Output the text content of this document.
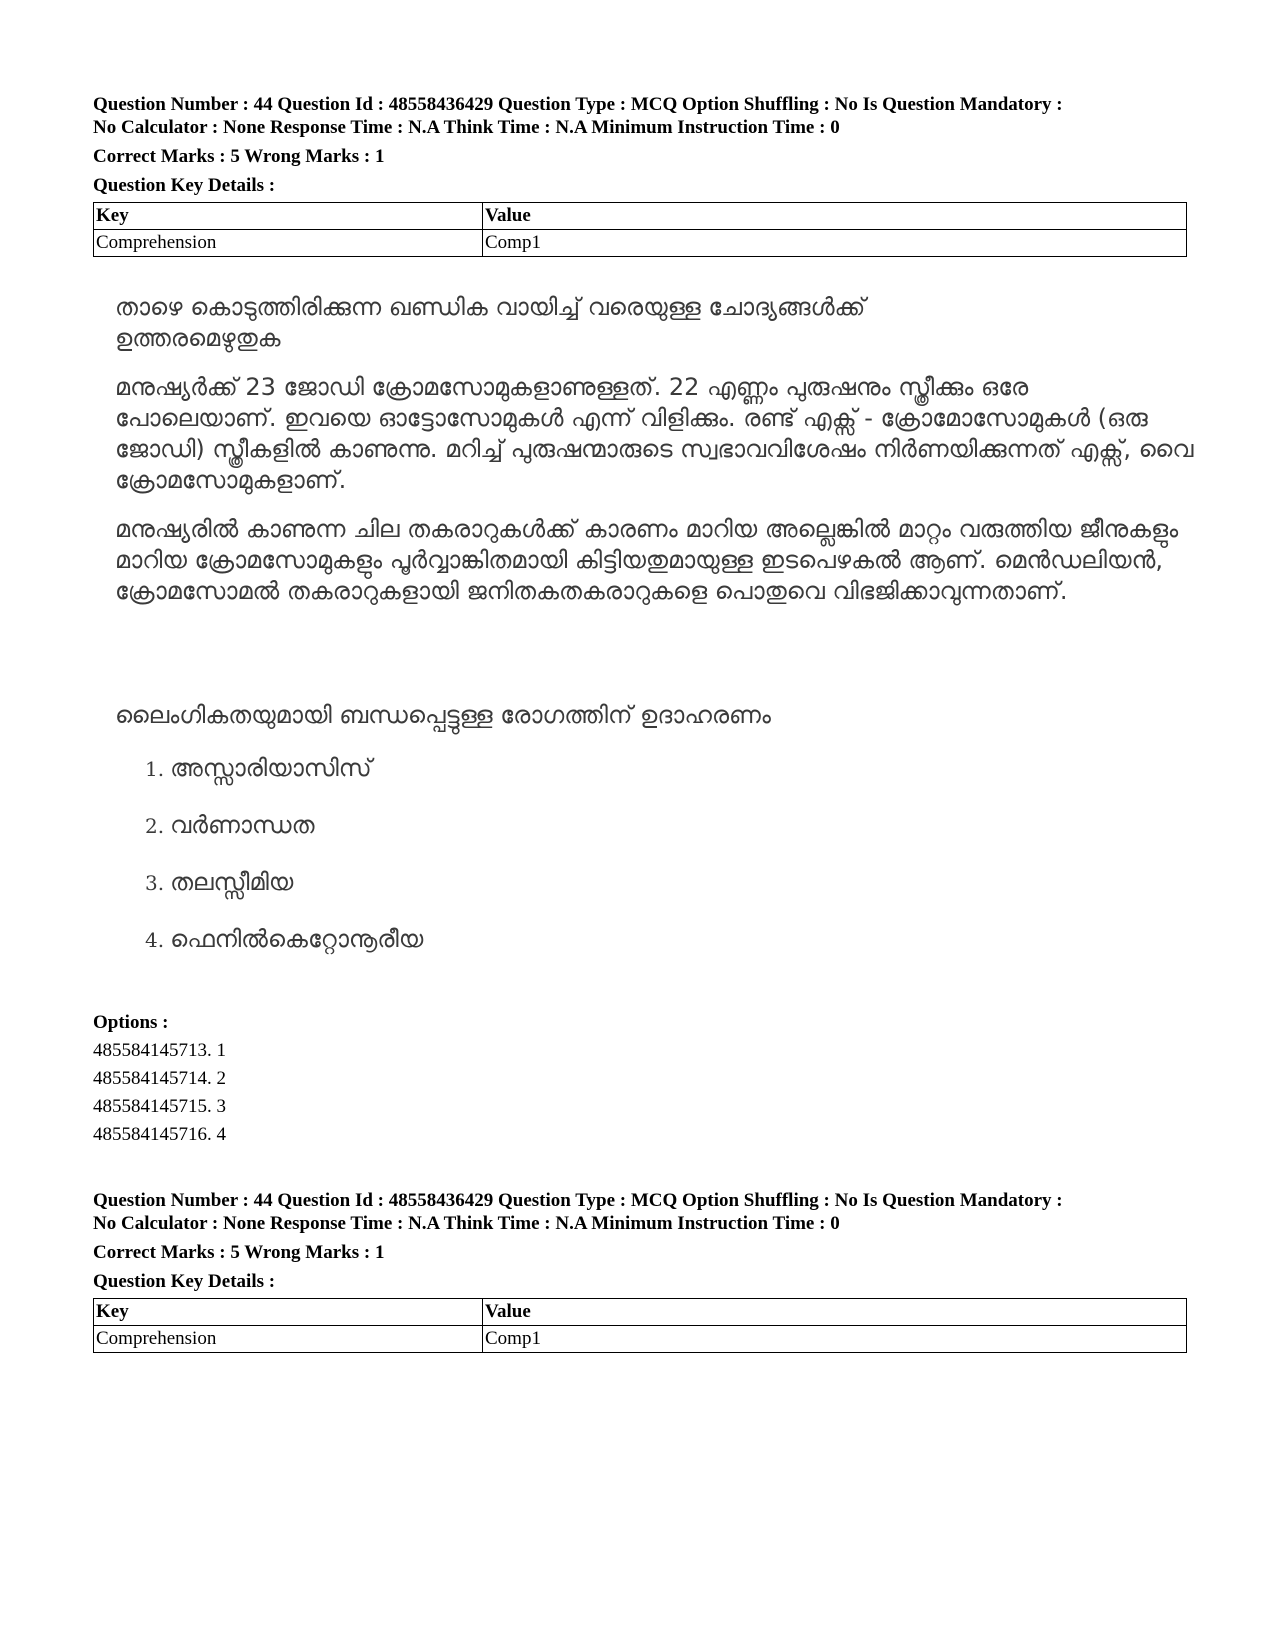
Question Number : 44 Question Id : 48558436429 Question Type : MCQ Option Shuffling : No Is Question Mandatory :

No Calculator : None Response Time : N.A Think Time : N.A Minimum Instruction Time : 0

Correct Marks : 5 Wrong Marks : 1

Question Key Details :

Key	Value
Comprehension	Comp1

താഴെ കൊടുത്തിരിക്കുന്ന ഖണ്ഡിക വായിച്ച് വരെയുള്ള ചോദ്യങ്ങൾക്ക് ഉത്തരമെഴുതുക

മനുഷ്യർക്ക് 23 ജോഡി ക്രോമസോമുകളാണുള്ളത്. 22 എണ്ണം പുരുഷനും സ്ത്രീക്കും ഒരേ പോലെയാണ്. ഇവയെ ഓട്ടോസോമുകൾ എന്ന് വിളിക്കും. രണ്ട് എക്സ് - ക്രോമോസോമുകൾ (ഒരു ജോഡി) സ്ത്രീകളിൽ കാണുന്നു. മറിച്ച് പുരുഷന്മാരുടെ സ്വഭാവവിശേഷം നിർണയിക്കുന്നത് എക്സ്, വൈ ക്രോമസോമുകളാണ്.

മനുഷ്യരിൽ കാണുന്ന ചില തകരാറുകൾക്ക് കാരണം മാറിയ അല്ലെങ്കിൽ മാറ്റം വരുത്തിയ ജീനുകളും മാറിയ ക്രോമസോമുകളും പൂർവ്വാങ്കിതമായി കിട്ടിയതുമായുള്ള ഇടപെഴകൽ ആണ്. മെൻഡലിയൻ, ക്രോമസോമൽ തകരാറുകളായി ജനിതകതകരാറുകളെ പൊതുവെ വിഭജിക്കാവുന്നതാണ്.

ലൈംഗികതയുമായി ബന്ധപ്പെട്ടുള്ള രോഗത്തിന് ഉദാഹരണം
1. അസ്സാരിയാസിസ്
2. വർണാന്ധത
3. തലസ്സീമിയ
4. ഫെനിൽകെറ്റോനൂരീയ
Options :
485584145713. 1
485584145714. 2
485584145715. 3
485584145716. 4

Question Number : 44 Question Id : 48558436429 Question Type : MCQ Option Shuffling : No Is Question Mandatory :

No Calculator : None Response Time : N.A Think Time : N.A Minimum Instruction Time : 0

Correct Marks : 5 Wrong Marks : 1

Question Key Details :

Key	Value
Comprehension	Comp1
